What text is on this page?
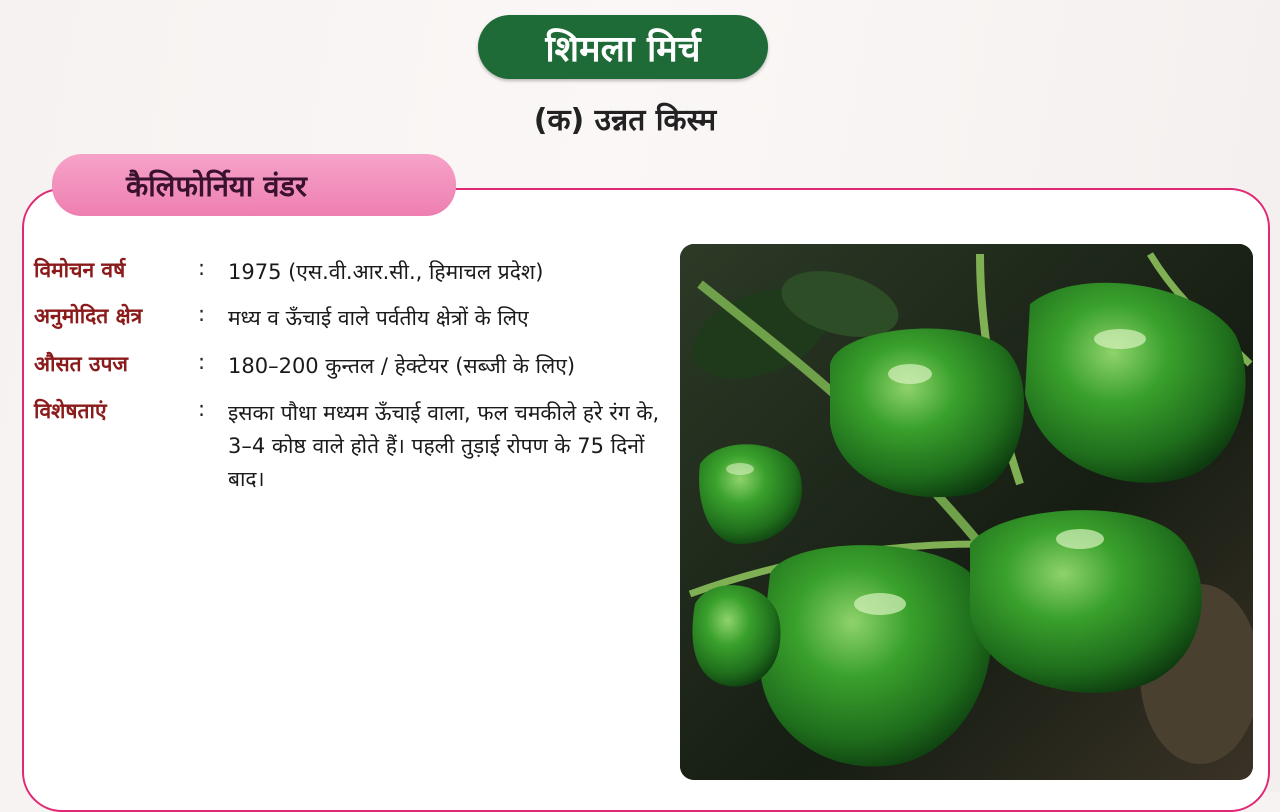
शिमला मिर्च
(क) उन्नत किस्म
कैलिफोर्निया वंडर
विमोचन वर्ष	: 1975 (एस.वी.आर.सी., हिमाचल प्रदेश)
अनुमोदित क्षेत्र	: मध्य व ऊँचाई वाले पर्वतीय क्षेत्रों के लिए
औसत उपज	: 180–200 कुन्तल / हेक्टेयर (सब्जी के लिए)
विशेषताएं	: इसका पौधा मध्यम ऊँचाई वाला, फल चमकीले हरे रंग के, 3–4 कोष्ठ वाले होते हैं। पहली तुड़ाई रोपण के 75 दिनों बाद।
